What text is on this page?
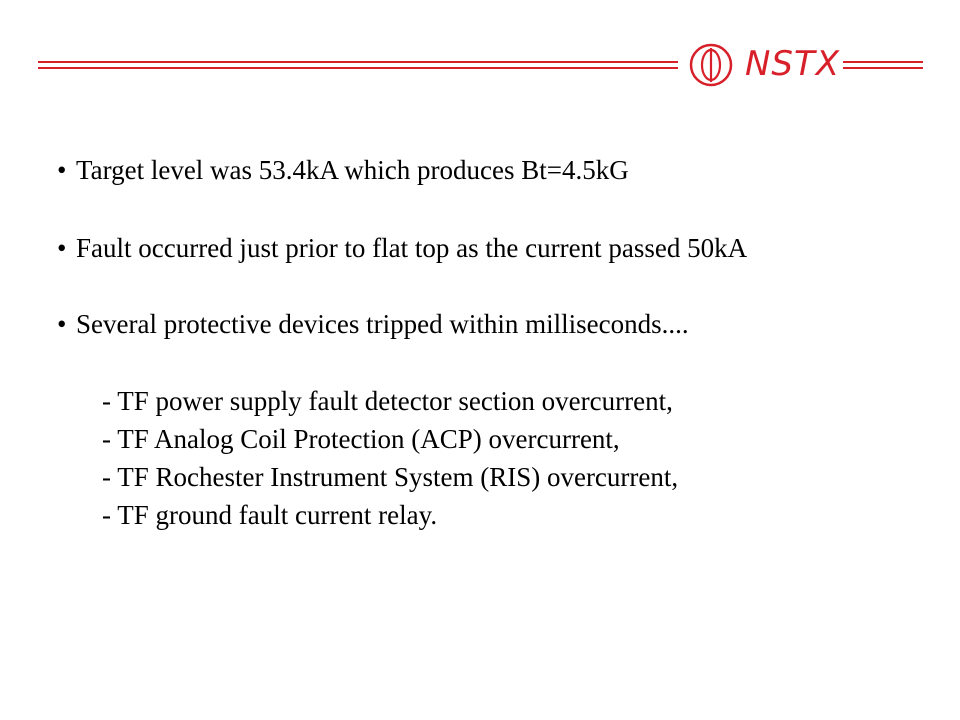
NSTX
• Target level was 53.4kA which produces Bt=4.5kG
• Fault occurred just prior to flat top as the current passed 50kA
• Several protective devices tripped within milliseconds....
- TF power supply fault detector section overcurrent,
- TF Analog Coil Protection (ACP) overcurrent,
- TF Rochester Instrument System (RIS) overcurrent,
- TF ground fault current relay.
